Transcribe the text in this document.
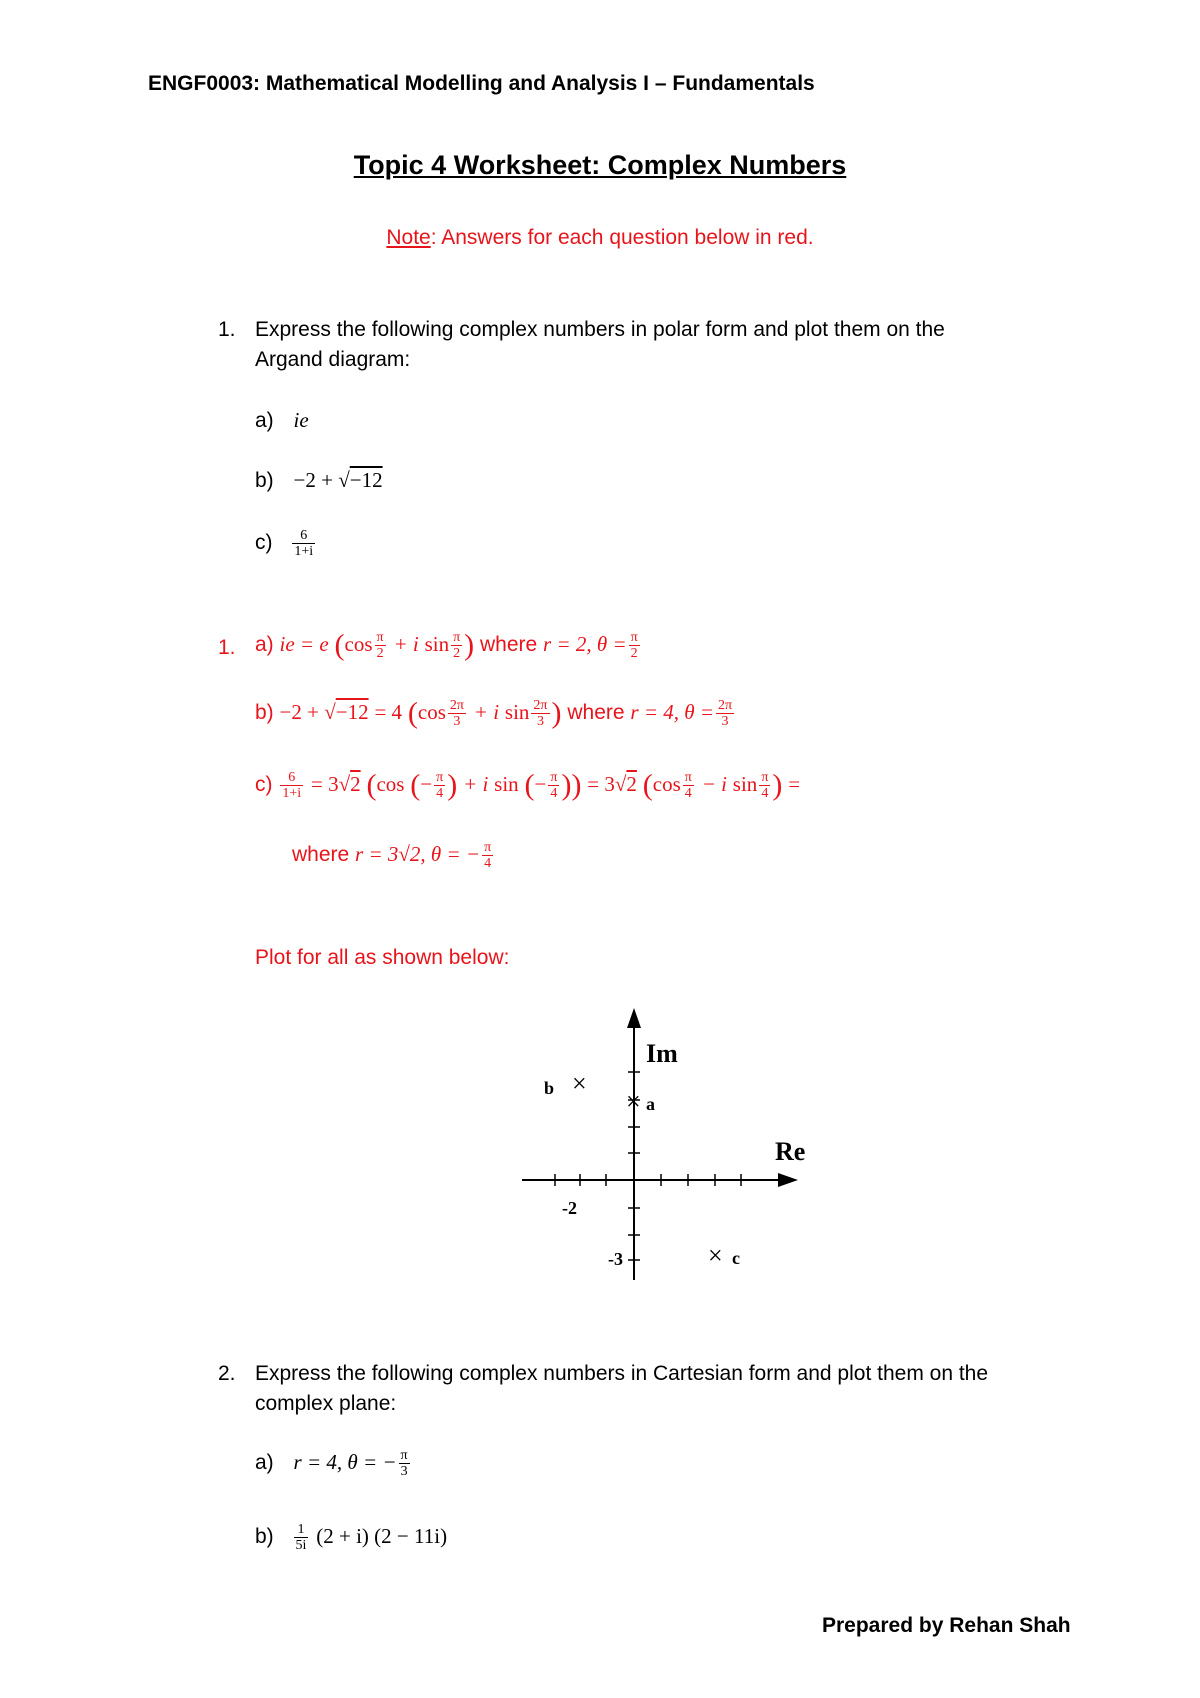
ENGF0003: Mathematical Modelling and Analysis I – Fundamentals
Topic 4 Worksheet: Complex Numbers
Note: Answers for each question below in red.
1. Express the following complex numbers in polar form and plot them on the
Argand diagram:
a) ie
b) −2 + √−12
$c) \frac{6}{1+i}$
1. a) ie = e ($\cos \frac{\pi}{2} + i$ $\sin \frac{\pi}{2}$ ) where r = 2, $\theta = \frac{\pi}{2}$
b) −2 + √−12 = 4 ($\cos \frac{2\pi}{3} + i$ $\sin \frac{2\pi}{3}$ ) where r = 4, $\theta = \frac{2\pi}{3}$
$c) \frac{6}{1+i} = 3√2$ (cos (− $\frac{\pi}{4}$ ) + i sin (− $\frac{\pi}{4}$ )) = 3√2 ($\cos \frac{\pi}{4} - i$ $\sin \frac{\pi}{4}$ ) =
where r = 3√2, θ = − $\frac{\pi}{4}$
Plot for all as shown below:
Im
Re
-2
-3
× a
×
b
× c
2. Express the following complex numbers in Cartesian form and plot them on the
complex plane:
a) r = 4, θ = − $\frac{\pi}{3}$
$b) \frac{1}{5i} (2 + i) (2 - 11i)$
Prepared by Rehan Shah
